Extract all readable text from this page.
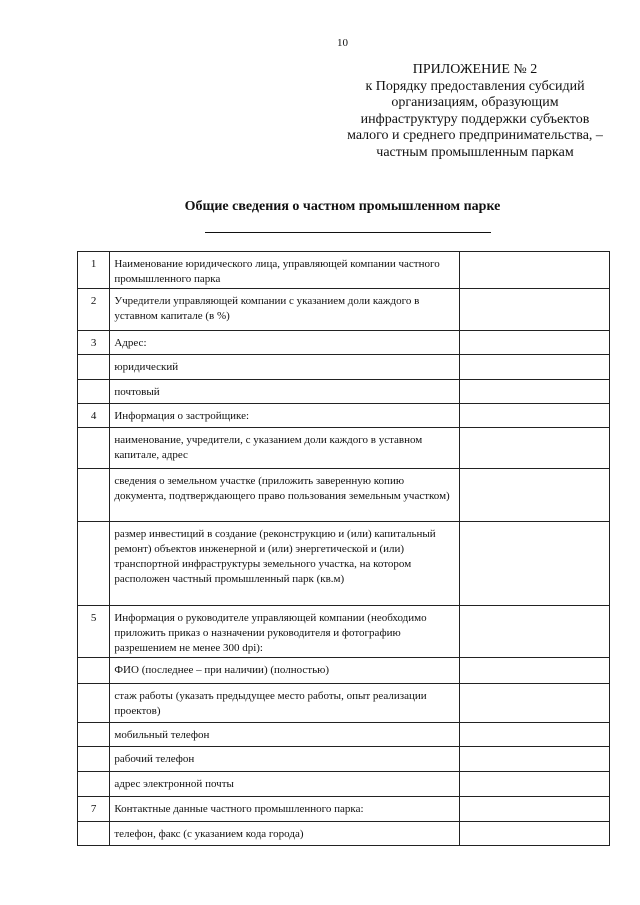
10
ПРИЛОЖЕНИЕ № 2
к Порядку предоставления субсидий
организациям, образующим
инфраструктуру поддержки субъектов
малого и среднего предпринимательства, –
частным промышленным паркам
Общие сведения о частном промышленном парке
1	Наименование юридического лица, управляющей компании частного промышленного парка	
2	Учредители управляющей компании с указанием доли каждого в уставном капитале (в %)	
3	Адрес:	
	юридический	
	почтовый	
4	Информация о застройщике:	
	наименование, учредители, с указанием доли каждого в уставном капитале, адрес	
	сведения о земельном участке (приложить заверенную копию документа, подтверждающего право пользования земельным участком)	
	размер инвестиций в создание (реконструкцию и (или) капитальный ремонт) объектов инженерной и (или) энергетической и (или) транспортной инфраструктуры земельного участка, на котором расположен частный промышленный парк (кв.м)	
5	Информация о руководителе управляющей компании (необходимо приложить приказ о назначении руководителя и фотографию разрешением не менее 300 dpi):	
	ФИО (последнее – при наличии) (полностью)	
	стаж работы (указать предыдущее место работы, опыт реализации проектов)	
	мобильный телефон	
	рабочий телефон	
	адрес электронной почты	
7	Контактные данные частного промышленного парка:	
	телефон, факс (с указанием кода города)	
